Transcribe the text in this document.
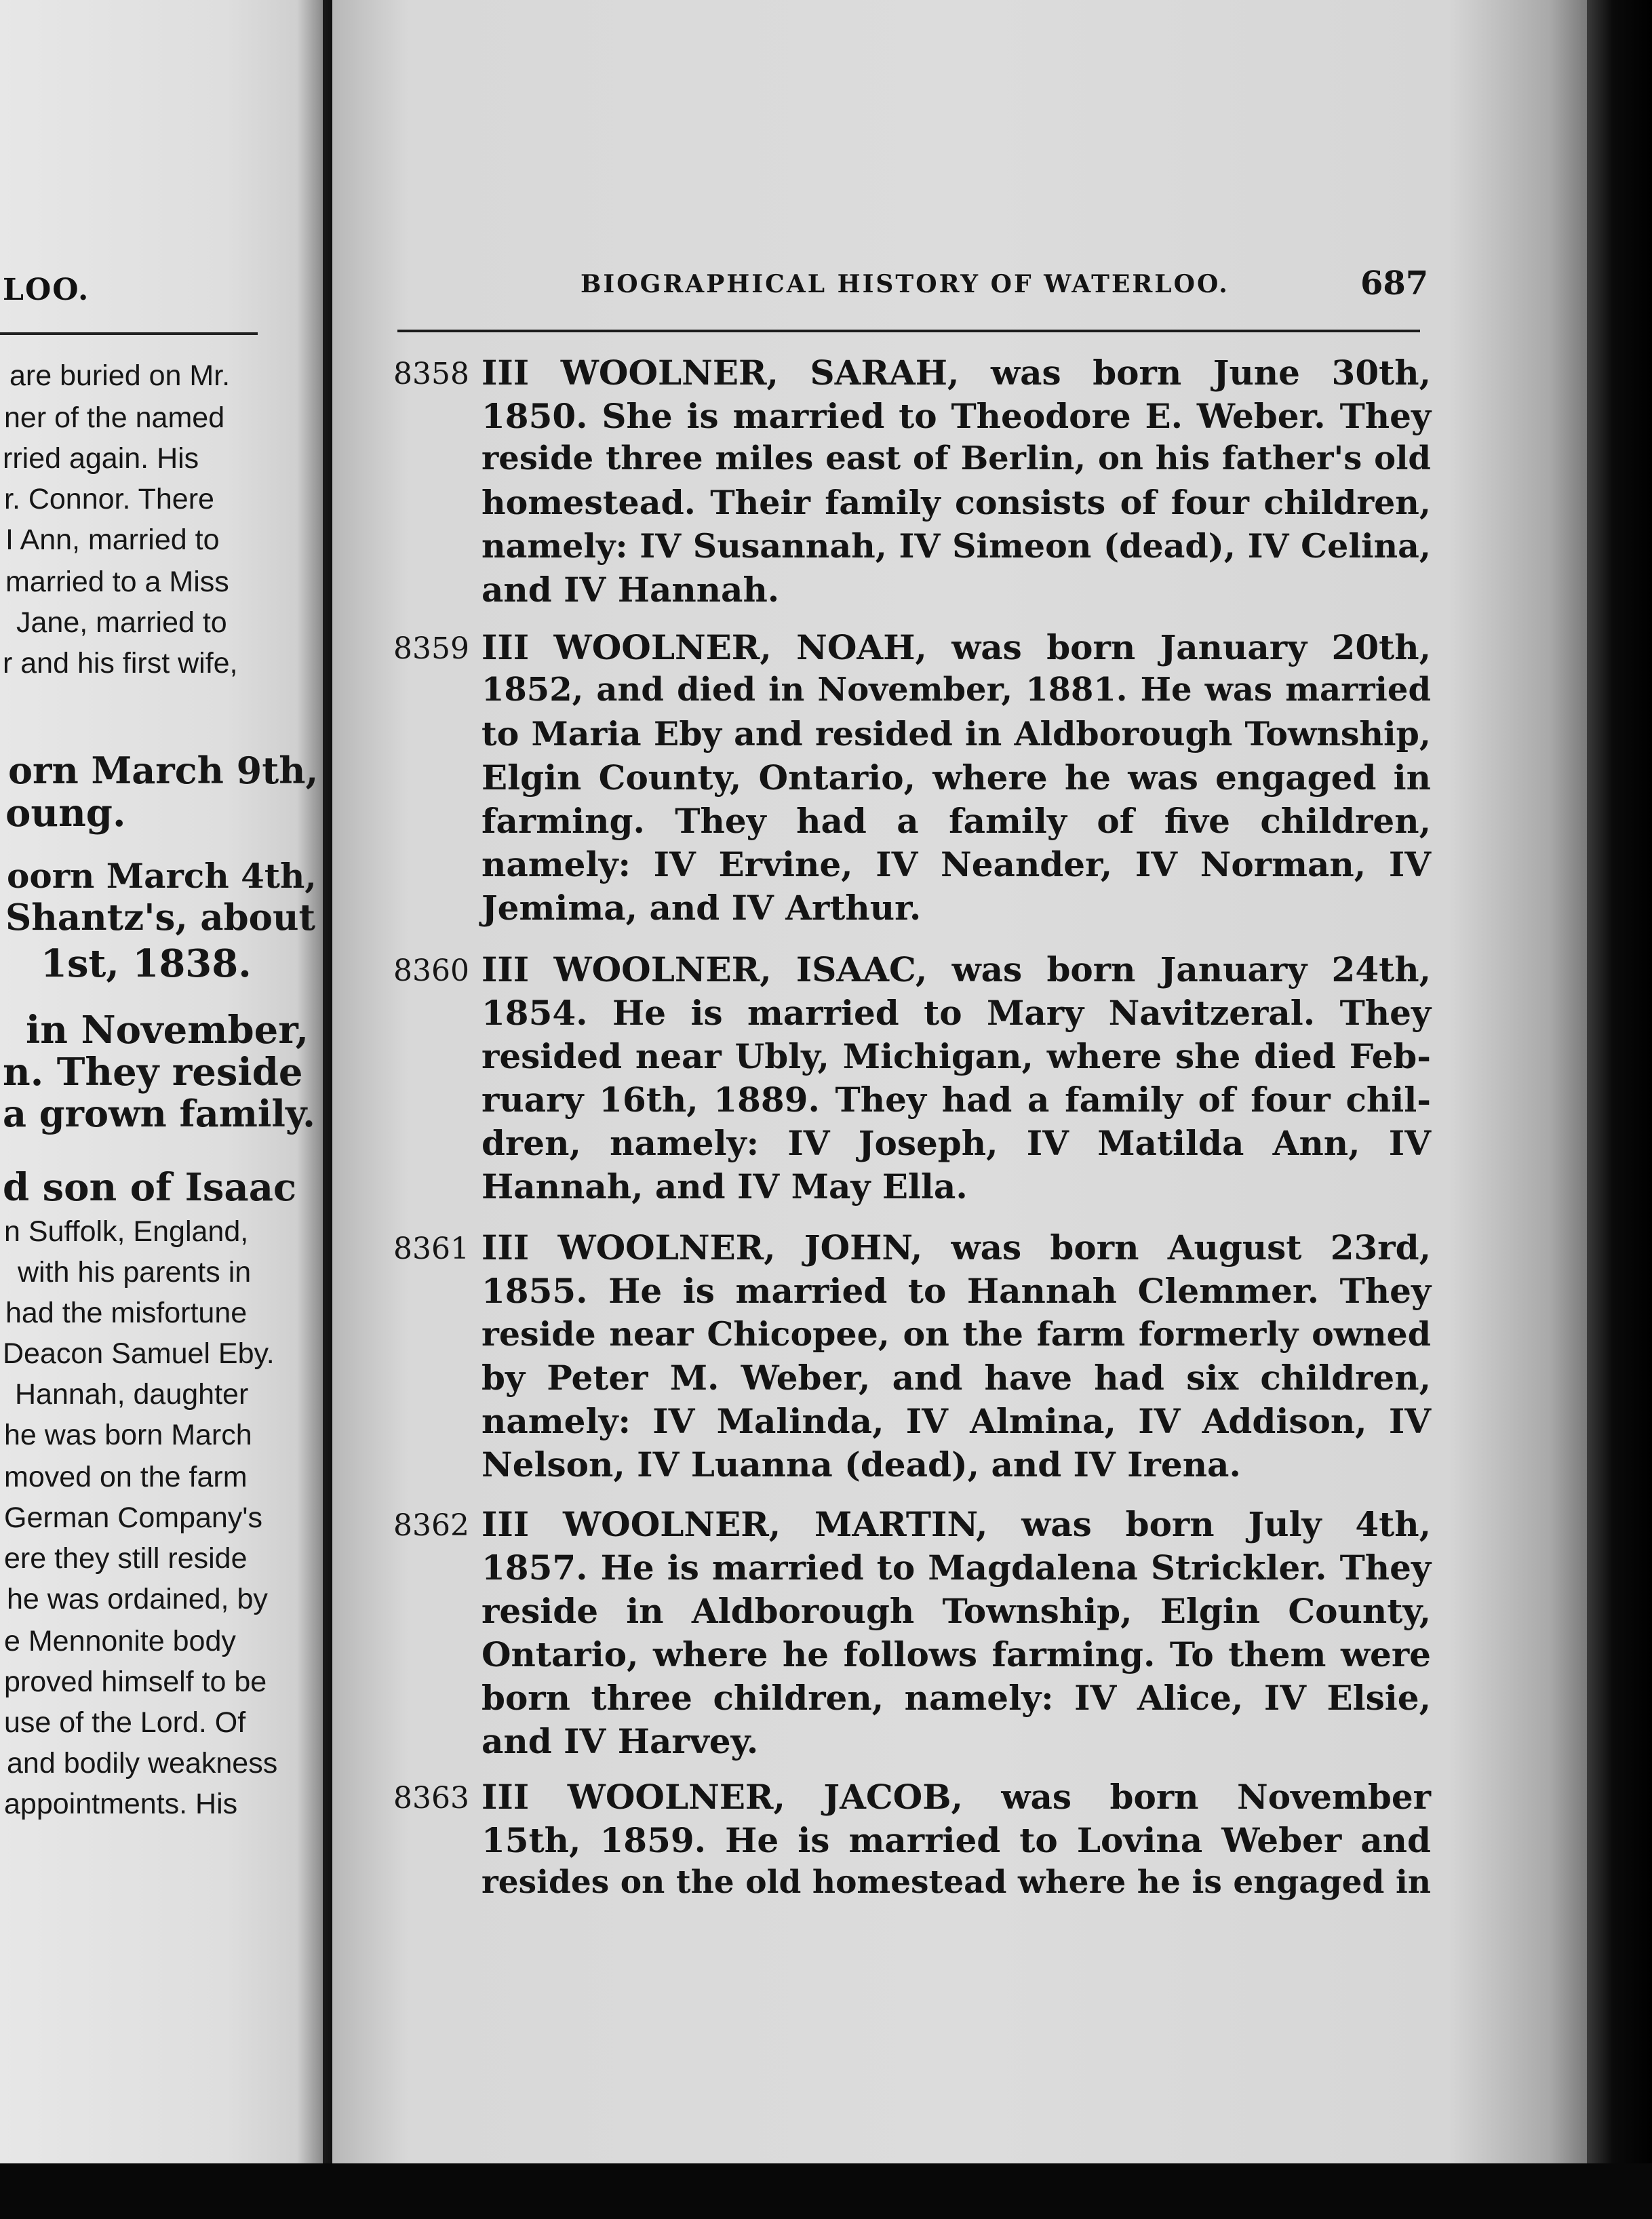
LOO.
are buried on Mr.
ner of the named
rried again. His
r. Connor. There
I Ann, married to
married to a Miss
Jane, married to
r and his first wife,
orn March 9th,
oung.
oorn March 4th,
Shantz's, about
1st, 1838.
in November,
n. They reside
a grown family.
d son of Isaac
n Suffolk, England,
with his parents in
had the misfortune
Deacon Samuel Eby.
Hannah, daughter
he was born March
moved on the farm
German Company's
ere they still reside
he was ordained, by
e Mennonite body
proved himself to be
use of the Lord. Of
and bodily weakness
appointments. His
BIOGRAPHICAL HISTORY OF WATERLOO.	687
8358 III WOOLNER, SARAH, was born June 30th,
1850. She is married to Theodore E. Weber. They
reside three miles east of Berlin, on his father's old
homestead. Their family consists of four children,
namely: IV Susannah, IV Simeon (dead), IV Celina,
and IV Hannah.
8359 III WOOLNER, NOAH, was born January 20th,
1852, and died in November, 1881. He was married
to Maria Eby and resided in Aldborough Township,
Elgin County, Ontario, where he was engaged in
farming. They had a family of five children,
namely: IV Ervine, IV Neander, IV Norman, IV
Jemima, and IV Arthur.
8360 III WOOLNER, ISAAC, was born January 24th,
1854. He is married to Mary Navitzeral. They
resided near Ubly, Michigan, where she died Feb-
ruary 16th, 1889. They had a family of four chil-
dren, namely: IV Joseph, IV Matilda Ann, IV
Hannah, and IV May Ella.
8361 III WOOLNER, JOHN, was born August 23rd,
1855. He is married to Hannah Clemmer. They
reside near Chicopee, on the farm formerly owned
by Peter M. Weber, and have had six children,
namely: IV Malinda, IV Almina, IV Addison, IV
Nelson, IV Luanna (dead), and IV Irena.
8362 III WOOLNER, MARTIN, was born July 4th,
1857. He is married to Magdalena Strickler. They
reside in Aldborough Township, Elgin County,
Ontario, where he follows farming. To them were
born three children, namely: IV Alice, IV Elsie,
and IV Harvey.
8363 III WOOLNER, JACOB, was born November
15th, 1859. He is married to Lovina Weber and
resides on the old homestead where he is engaged in
